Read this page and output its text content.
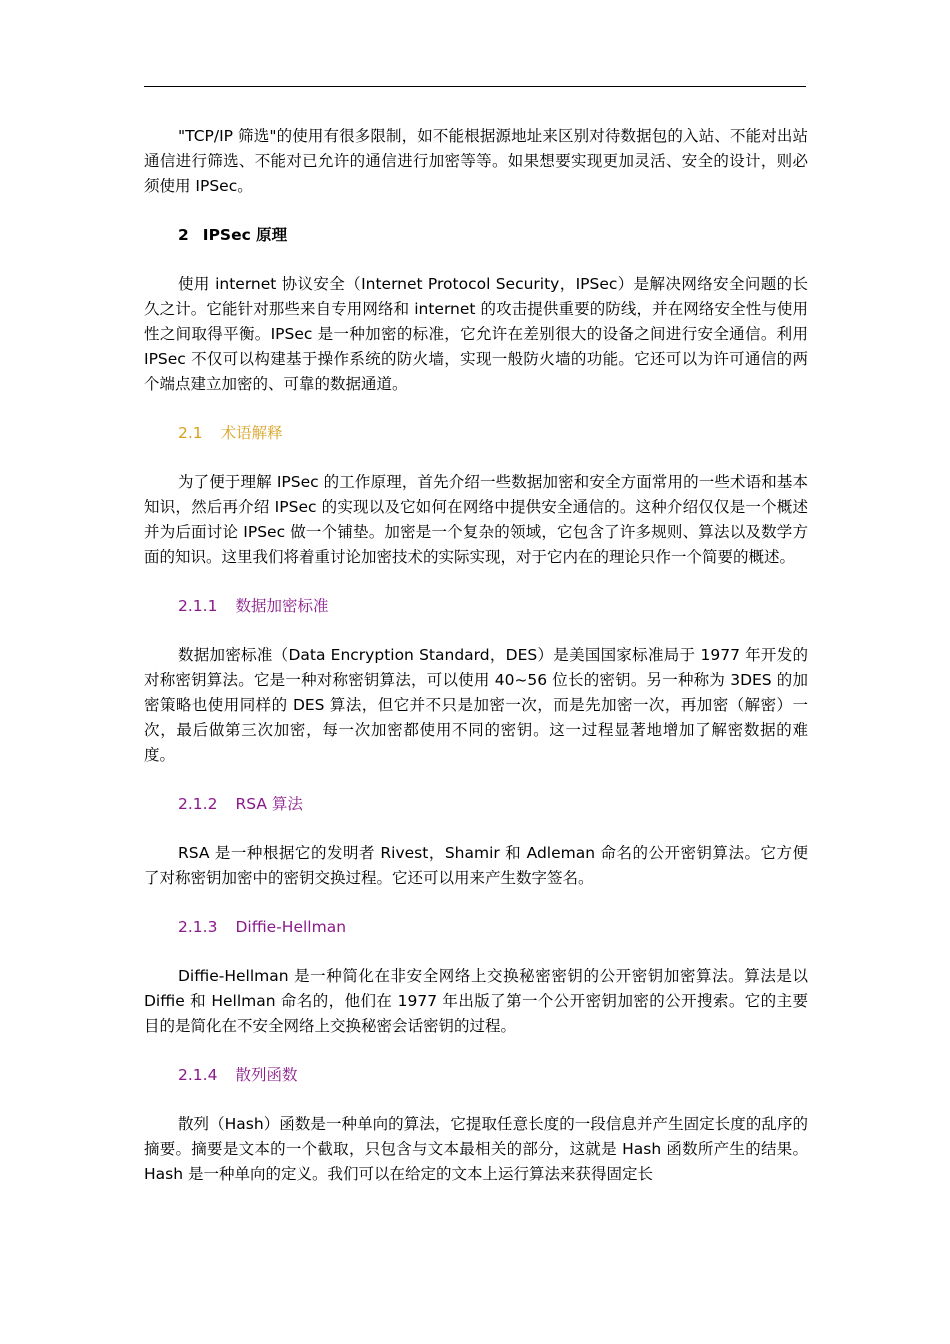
"TCP/IP 筛选"的使用有很多限制，如不能根据源地址来区别对待数据包的入站、不能对出站通信进行筛选、不能对已允许的通信进行加密等等。如果想要实现更加灵活、安全的设计，则必须使用 IPSec。

2 IPSec 原理

使用 internet 协议安全（Internet Protocol Security，IPSec）是解决网络安全问题的长久之计。它能针对那些来自专用网络和 internet 的攻击提供重要的防线，并在网络安全性与使用性之间取得平衡。IPSec 是一种加密的标准，它允许在差别很大的设备之间进行安全通信。利用 IPSec 不仅可以构建基于操作系统的防火墙，实现一般防火墙的功能。它还可以为许可通信的两个端点建立加密的、可靠的数据通道。

2.1 术语解释

为了便于理解 IPSec 的工作原理，首先介绍一些数据加密和安全方面常用的一些术语和基本知识，然后再介绍 IPSec 的实现以及它如何在网络中提供安全通信的。这种介绍仅仅是一个概述并为后面讨论 IPSec 做一个铺垫。加密是一个复杂的领域，它包含了许多规则、算法以及数学方面的知识。这里我们将着重讨论加密技术的实际实现，对于它内在的理论只作一个简要的概述。

2.1.1 数据加密标准

数据加密标准（Data Encryption Standard，DES）是美国国家标准局于 1977 年开发的对称密钥算法。它是一种对称密钥算法，可以使用 40~56 位长的密钥。另一种称为 3DES 的加密策略也使用同样的 DES 算法，但它并不只是加密一次，而是先加密一次，再加密（解密）一次，最后做第三次加密，每一次加密都使用不同的密钥。这一过程显著地增加了解密数据的难度。

2.1.2 RSA 算法

RSA 是一种根据它的发明者 Rivest，Shamir 和 Adleman 命名的公开密钥算法。它方便了对称密钥加密中的密钥交换过程。它还可以用来产生数字签名。

2.1.3 Diffie-Hellman

Diffie-Hellman 是一种简化在非安全网络上交换秘密密钥的公开密钥加密算法。算法是以 Diffie 和 Hellman 命名的，他们在 1977 年出版了第一个公开密钥加密的公开搜索。它的主要目的是简化在不安全网络上交换秘密会话密钥的过程。

2.1.4 散列函数

散列（Hash）函数是一种单向的算法，它提取任意长度的一段信息并产生固定长度的乱序的摘要。摘要是文本的一个截取，只包含与文本最相关的部分，这就是 Hash 函数所产生的结果。Hash 是一种单向的定义。我们可以在给定的文本上运行算法来获得固定长
